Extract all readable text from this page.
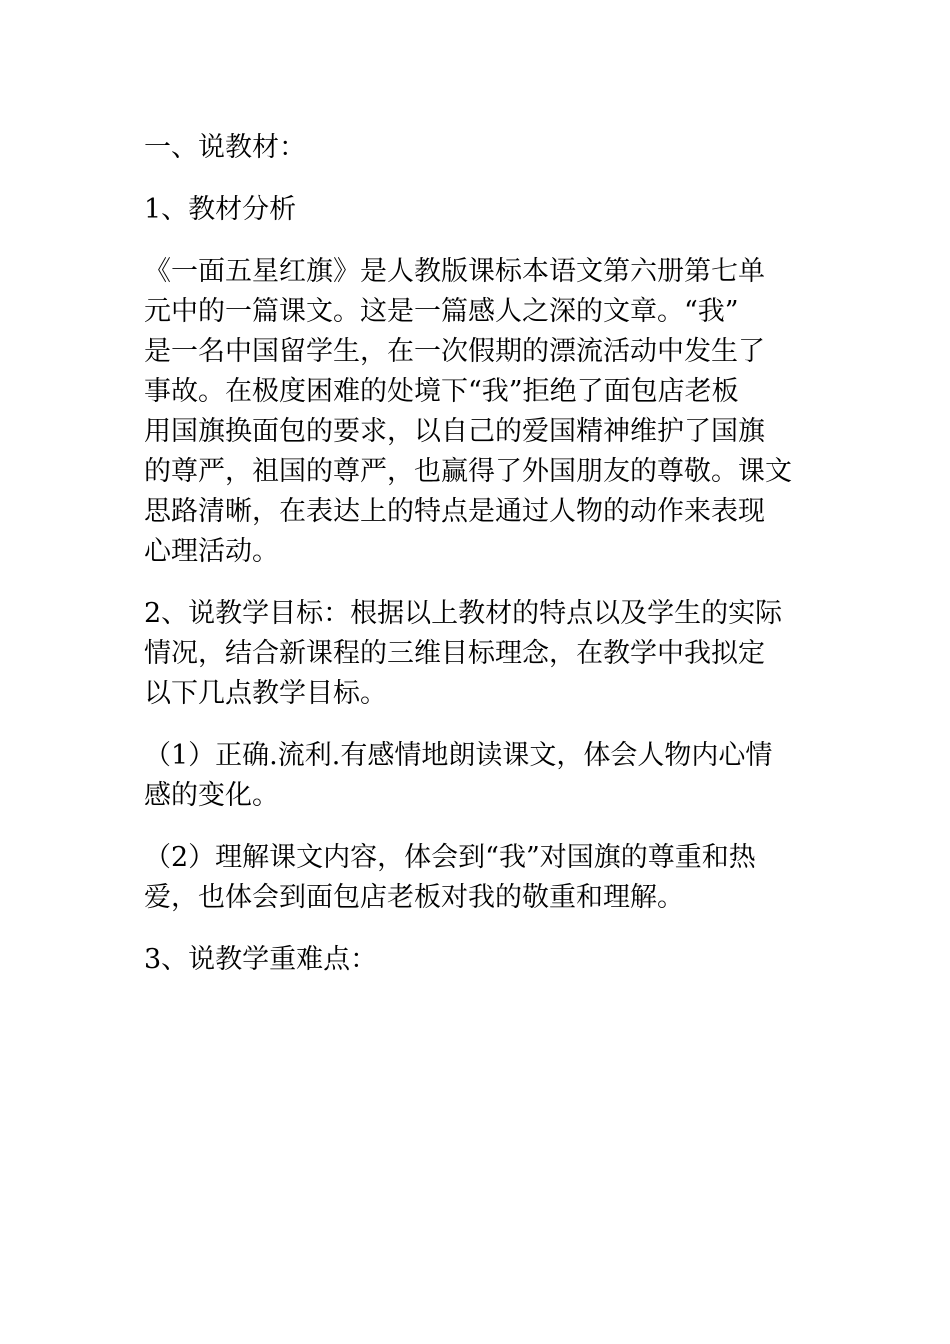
一、说教材：

1、教材分析

《一面五星红旗》是人教版课标本语文第六册第七单
元中的一篇课文。这是一篇感人之深的文章。“我”
是一名中国留学生，在一次假期的漂流活动中发生了
事故。在极度困难的处境下“我”拒绝了面包店老板
用国旗换面包的要求，以自己的爱国精神维护了国旗
的尊严，祖国的尊严，也赢得了外国朋友的尊敬。课文
思路清晰，在表达上的特点是通过人物的动作来表现
心理活动。

2、说教学目标：根据以上教材的特点以及学生的实际
情况，结合新课程的三维目标理念，在教学中我拟定
以下几点教学目标。

（1）正确.流利.有感情地朗读课文，体会人物内心情
感的变化。

（2）理解课文内容，体会到“我”对国旗的尊重和热
爱，也体会到面包店老板对我的敬重和理解。

3、说教学重难点：
